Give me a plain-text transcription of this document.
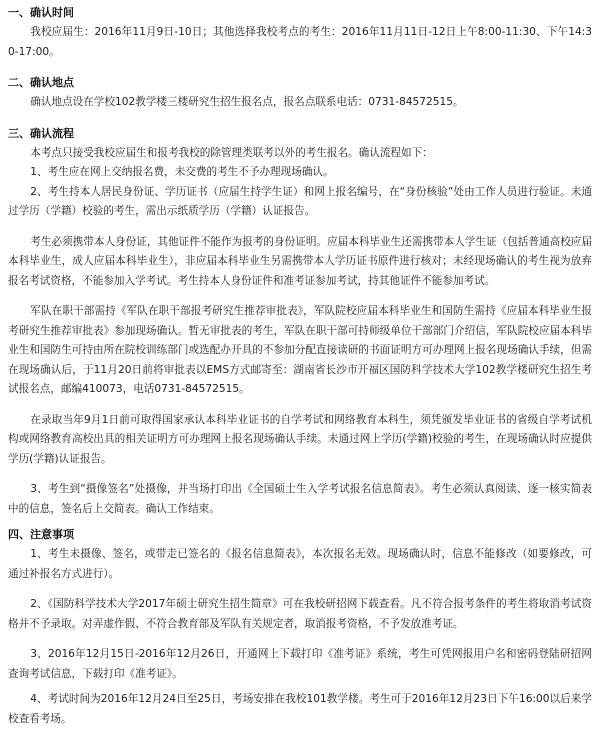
一、确认时间
我校应届生：2016年11月9日-10日；其他选择我校考点的考生：2016年11月11日-12日上午8:00-11:30、下午14:30-17:00。
二、确认地点
确认地点设在学校102教学楼三楼研究生招生报名点，报名点联系电话：0731-84572515。
三、确认流程
本考点只接受我校应届生和报考我校的除管理类联考以外的考生报名。确认流程如下：
1、考生应在网上交纳报名费，未交费的考生不予办理现场确认。
2、考生持本人居民身份证、学历证书（应届生持学生证）和网上报名编号，在“身份核验”处由工作人员进行验证。未通过学历（学籍）校验的考生，需出示纸质学历（学籍）认证报告。
考生必须携带本人身份证，其他证件不能作为报考的身份证明。应届本科毕业生还需携带本人学生证（包括普通高校应届本科毕业生，成人应届本科毕业生），非应届本科毕业生另需携带本人学历证书原件进行核对；未经现场确认的考生视为放弃报名考试资格，不能参加入学考试。考生持本人身份证件和准考证参加考试，持其他证件不能参加考试。
军队在职干部需持《军队在职干部报考研究生推荐审批表》，军队院校应届本科毕业生和国防生需持《应届本科毕业生报考研究生推荐审批表》参加现场确认。暂无审批表的考生，军队在职干部可持师级单位干部部门介绍信，军队院校应届本科毕业生和国防生可持由所在院校训练部门或选配办开具的不参加分配直接读研的书面证明方可办理网上报名现场确认手续，但需在现场确认后，于11月20日前将审批表以EMS方式邮寄至：湖南省长沙市开福区国防科学技术大学102教学楼研究生招生考试报名点，邮编410073，电话0731-84572515。
在录取当年9月1日前可取得国家承认本科毕业证书的自学考试和网络教育本科生，须凭颁发毕业证书的省级自学考试机构或网络教育高校出具的相关证明方可办理网上报名现场确认手续。未通过网上学历(学籍)校验的考生，在现场确认时应提供学历(学籍)认证报告。
3、考生到“摄像签名”处摄像，并当场打印出《全国硕士生入学考试报名信息简表》。考生必须认真阅读、逐一核实简表中的信息，签名后上交简表。确认工作结束。
四、注意事项
1、考生未摄像、签名，或带走已签名的《报名信息简表》，本次报名无效。现场确认时，信息不能修改（如要修改，可通过补报名方式进行）。
2、《国防科学技术大学2017年硕士研究生招生简章》可在我校研招网下载查看。凡不符合报考条件的考生将取消考试资格并不予录取。对弄虚作假、不符合教育部及军队有关规定者，取消报考资格，不予发放准考证。
3、2016年12月15日-2016年12月26日，开通网上下载打印《准考证》系统，考生可凭网报用户名和密码登陆研招网查询考试信息，下载打印《准考证》。
4、考试时间为2016年12月24日至25日，考场安排在我校101教学楼。考生可于2016年12月23日下午16:00以后来学校查看考场。
